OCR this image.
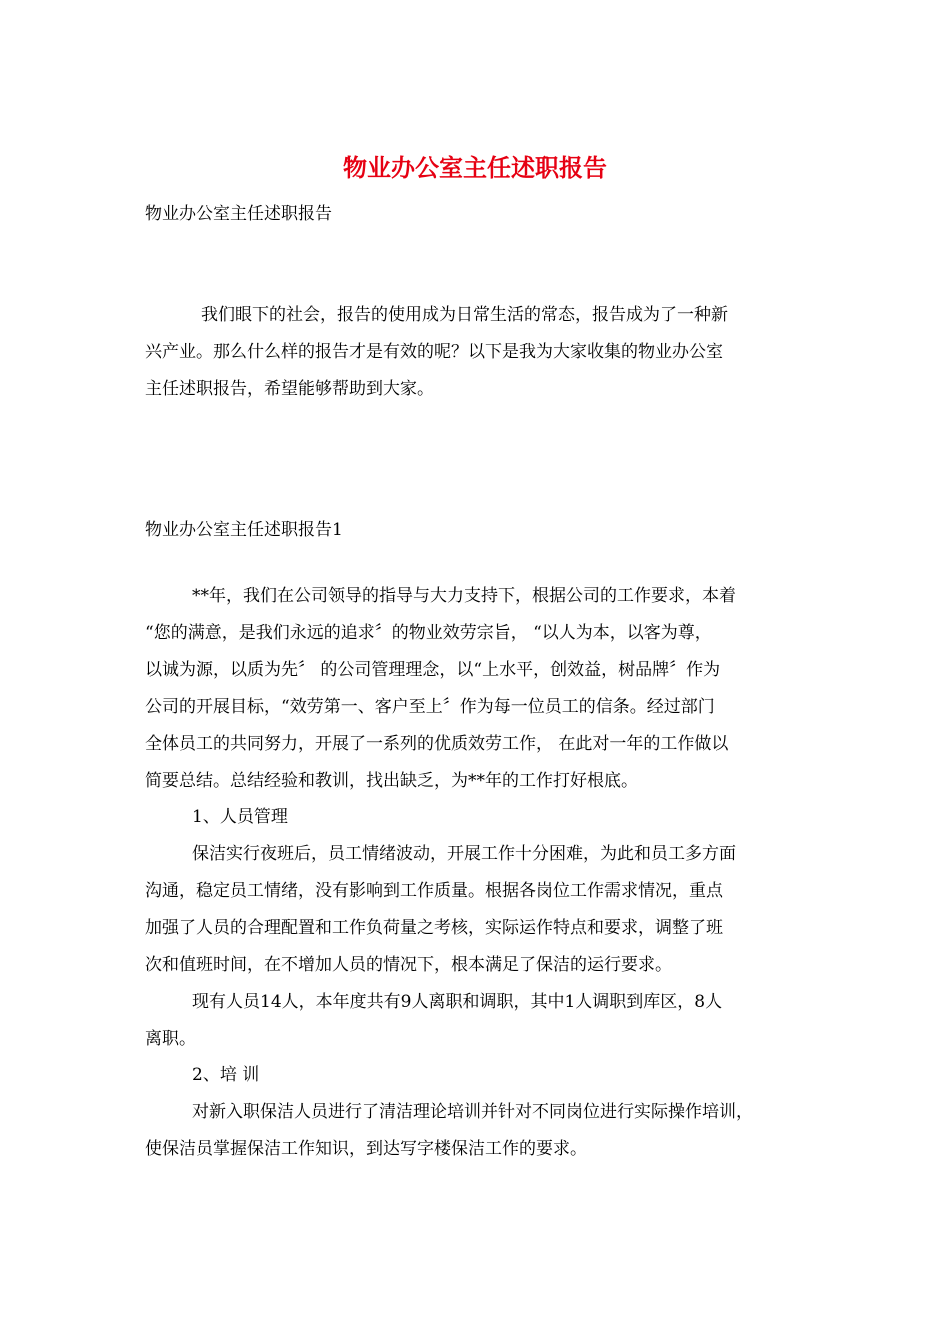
物业办公室主任述职报告
物业办公室主任述职报告
我们眼下的社会，报告的使用成为日常生活的常态，报告成为了一种新
兴产业。那么什么样的报告才是有效的呢？以下是我为大家收集的物业办公室
主任述职报告，希望能够帮助到大家。
物业办公室主任述职报告1
**年，我们在公司领导的指导与大力支持下，根据公司的工作要求，本着
“您的满意，是我们永远的追求〞的物业效劳宗旨， “以人为本，以客为尊，
以诚为源，以质为先〞 的公司管理理念，以“上水平，创效益，树品牌〞作为
公司的开展目标，“效劳第一、客户至上〞作为每一位员工的信条。经过部门
全体员工的共同努力，开展了一系列的优质效劳工作， 在此对一年的工作做以
简要总结。总结经验和教训，找出缺乏，为**年的工作打好根底。
1、人员管理
保洁实行夜班后，员工情绪波动，开展工作十分困难，为此和员工多方面
沟通，稳定员工情绪，没有影响到工作质量。根据各岗位工作需求情况，重点
加强了人员的合理配置和工作负荷量之考核，实际运作特点和要求，调整了班
次和值班时间，在不增加人员的情况下，根本满足了保洁的运行要求。
现有人员14人，本年度共有9人离职和调职，其中1人调职到库区，8人
离职。
2、培 训
对新入职保洁人员进行了清洁理论培训并针对不同岗位进行实际操作培训，
使保洁员掌握保洁工作知识，到达写字楼保洁工作的要求。
